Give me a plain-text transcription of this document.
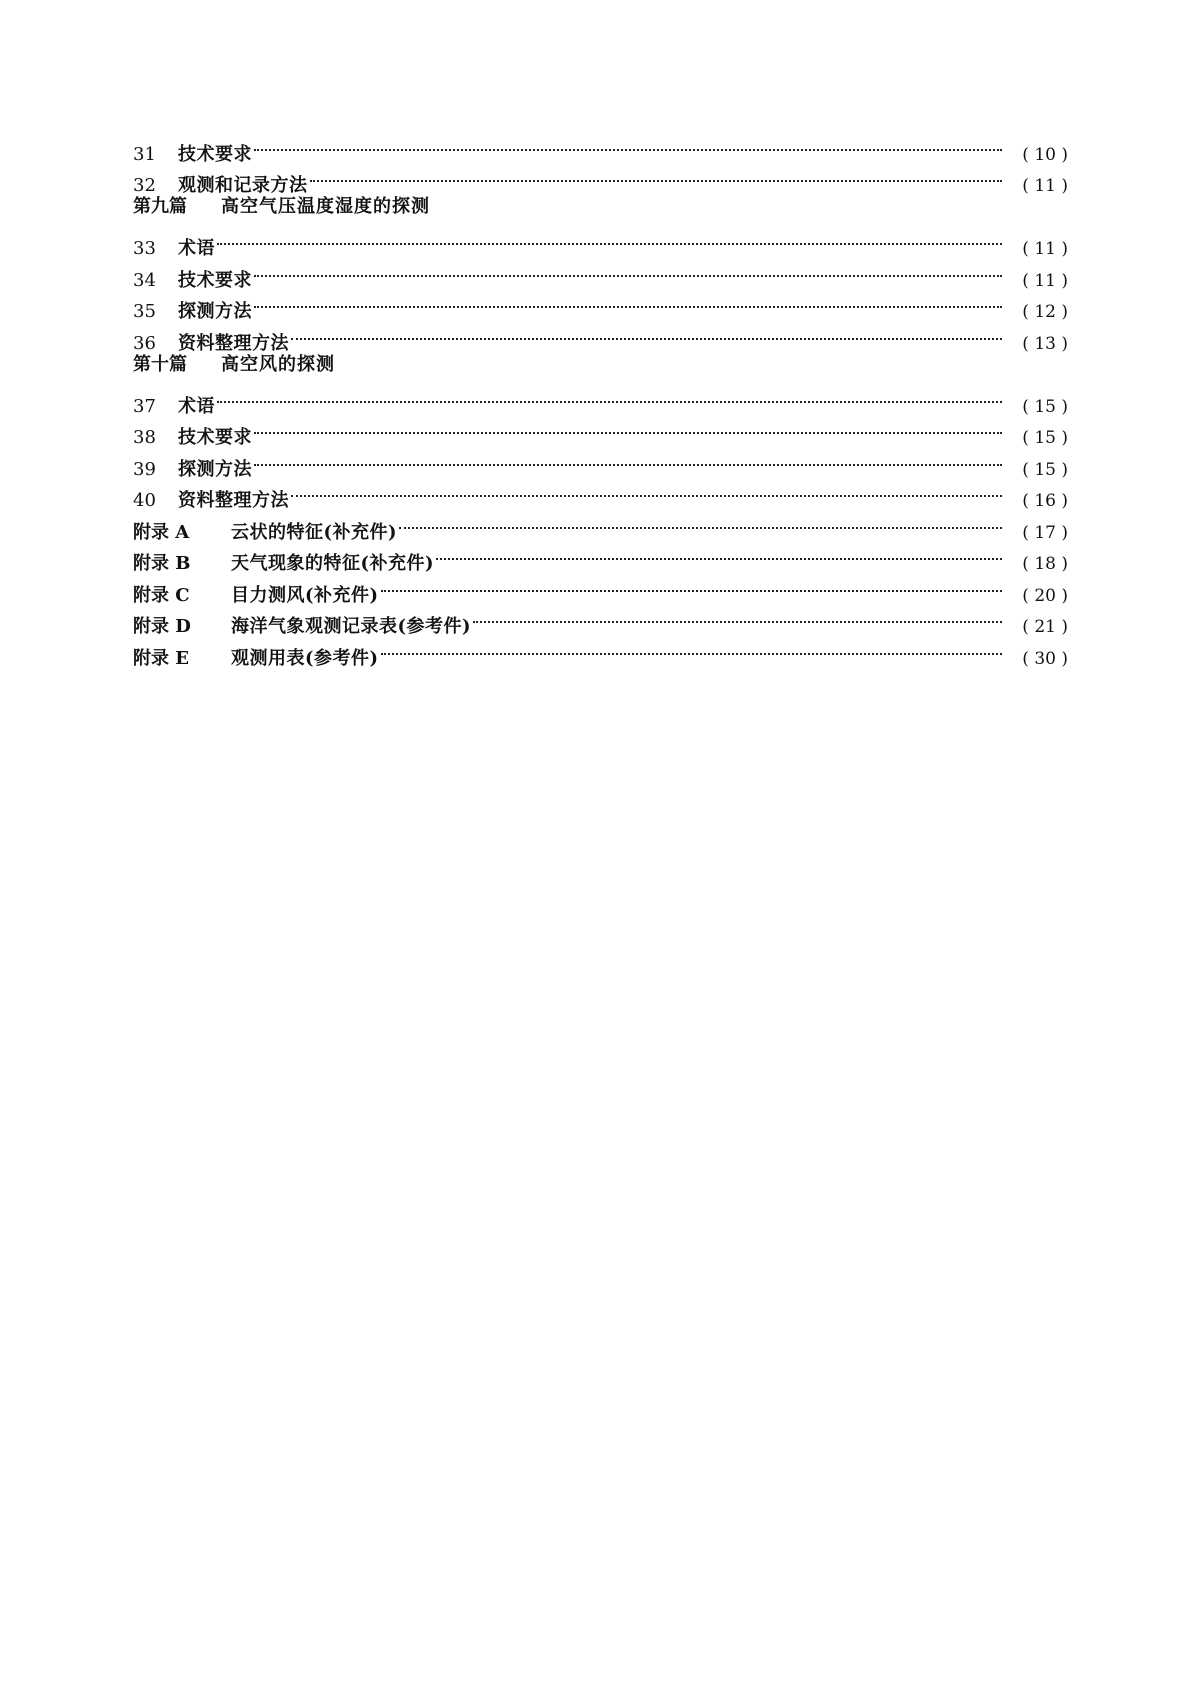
31	技术要求	( 10 )
32	观测和记录方法	( 11 )
第九篇	高空气压温度湿度的探测
33	术语	( 11 )
34	技术要求	( 11 )
35	探测方法	( 12 )
36	资料整理方法	( 13 )
第十篇	高空风的探测
37	术语	( 15 )
38	技术要求	( 15 )
39	探测方法	( 15 )
40	资料整理方法	( 16 )
附录 A	云状的特征(补充件)	( 17 )
附录 B	天气现象的特征(补充件)	( 18 )
附录 C	目力测风(补充件)	( 20 )
附录 D	海洋气象观测记录表(参考件)	( 21 )
附录 E	观测用表(参考件)	( 30 )
